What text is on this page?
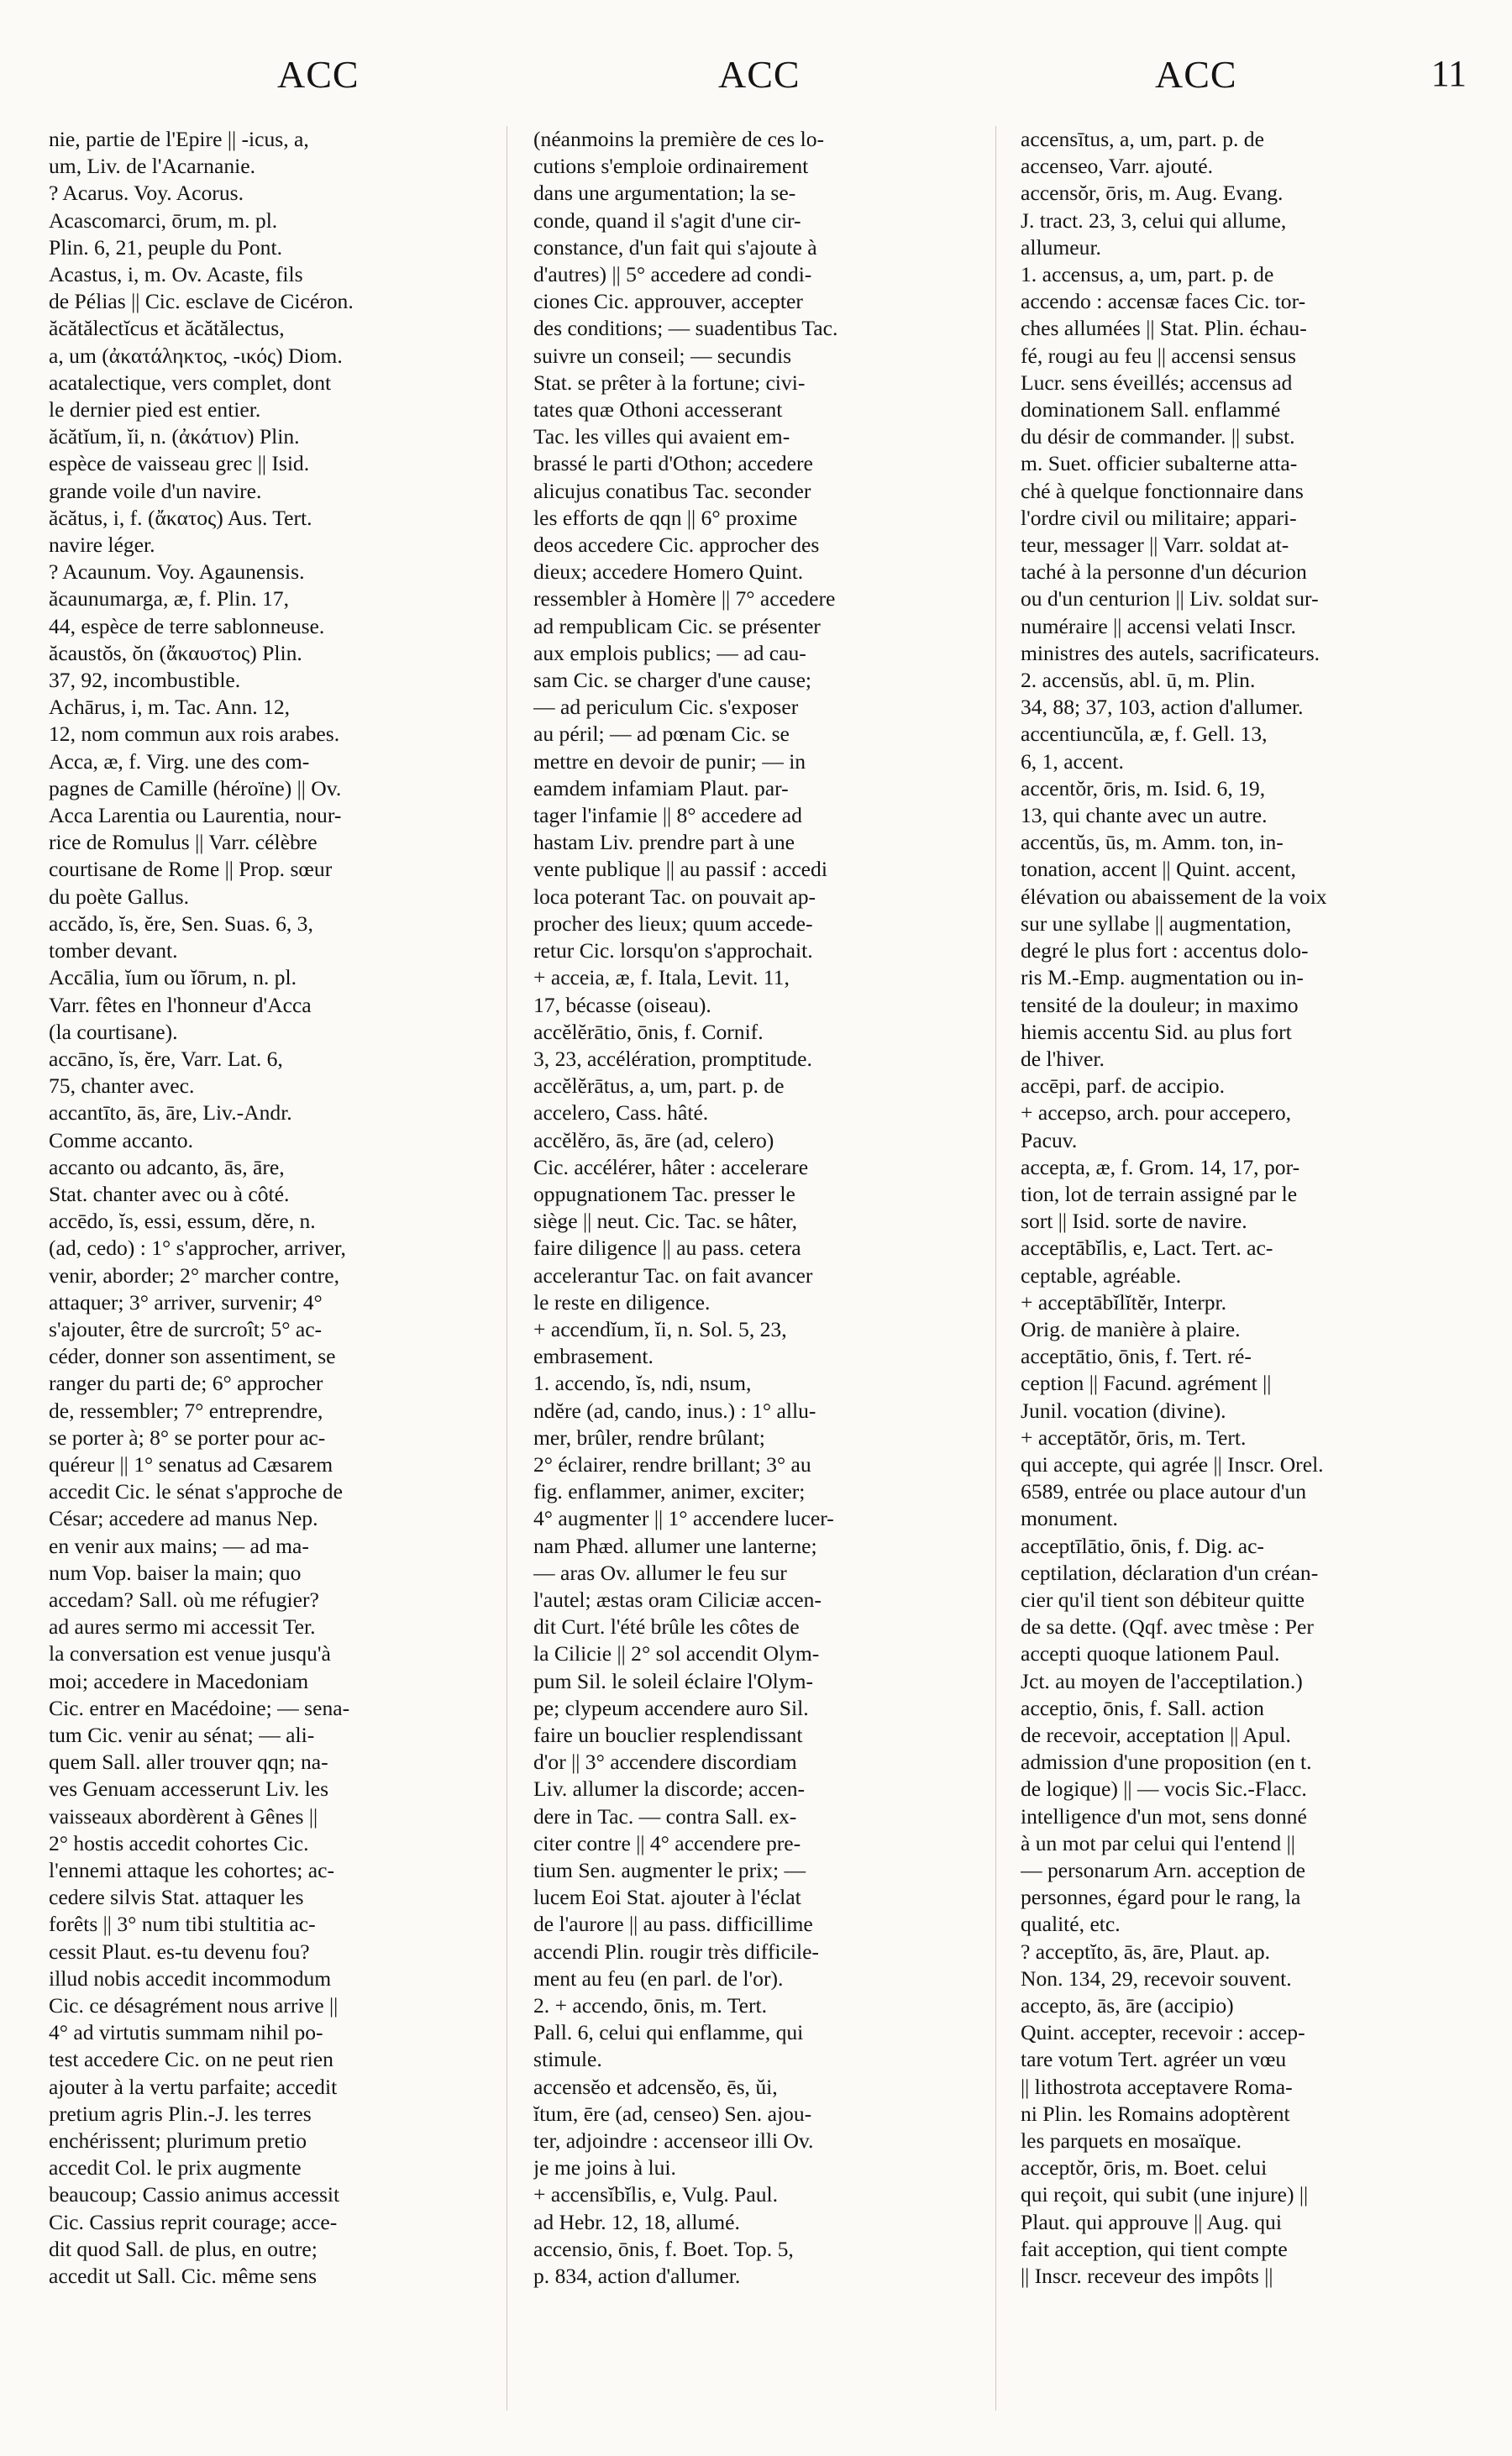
ACC	ACC	ACC	11
nie, partie de l'Epire || -icus, a,
um, Liv. de l'Acarnanie.
? Acarus. Voy. Acorus.
Acascomarci, ōrum, m. pl.
Plin. 6, 21, peuple du Pont.
Acastus, i, m. Ov. Acaste, fils
de Pélias || Cic. esclave de Cicéron.
ăcătălectĭcus et ăcătălectus,
a, um (ἀκατάληκτος, -ικός) Diom.
acatalectique, vers complet, dont
le dernier pied est entier.
ăcătĭum, ĭi, n. (ἀκάτιον) Plin.
espèce de vaisseau grec || Isid.
grande voile d'un navire.
ăcătus, i, f. (ἄκατος) Aus. Tert.
navire léger.
? Acaunum. Voy. Agaunensis.
ăcaunumarga, æ, f. Plin. 17,
44, espèce de terre sablonneuse.
ăcaustŏs, ŏn (ἄκαυστος) Plin.
37, 92, incombustible.
Achārus, i, m. Tac. Ann. 12,
12, nom commun aux rois arabes.
Acca, æ, f. Virg. une des com-
pagnes de Camille (héroïne) || Ov.
Acca Larentia ou Laurentia, nour-
rice de Romulus || Varr. célèbre
courtisane de Rome || Prop. sœur
du poète Gallus.
accădo, ĭs, ĕre, Sen. Suas. 6, 3,
tomber devant.
Accālia, ĭum ou ĭōrum, n. pl.
Varr. fêtes en l'honneur d'Acca
(la courtisane).
accāno, ĭs, ĕre, Varr. Lat. 6,
75, chanter avec.
accantīto, ās, āre, Liv.-Andr.
Comme accanto.
accanto ou adcanto, ās, āre,
Stat. chanter avec ou à côté.
accēdo, ĭs, essi, essum, dĕre, n.
(ad, cedo) : 1° s'approcher, arriver,
venir, aborder; 2° marcher contre,
attaquer; 3° arriver, survenir; 4°
s'ajouter, être de surcroît; 5° ac-
céder, donner son assentiment, se
ranger du parti de; 6° approcher
de, ressembler; 7° entreprendre,
se porter à; 8° se porter pour ac-
quéreur || 1° senatus ad Cæsarem
accedit Cic. le sénat s'approche de
César; accedere ad manus Nep.
en venir aux mains; — ad ma-
num Vop. baiser la main; quo
accedam? Sall. où me réfugier?
ad aures sermo mi accessit Ter.
la conversation est venue jusqu'à
moi; accedere in Macedoniam
Cic. entrer en Macédoine; — sena-
tum Cic. venir au sénat; — ali-
quem Sall. aller trouver qqn; na-
ves Genuam accesserunt Liv. les
vaisseaux abordèrent à Gênes ||
2° hostis accedit cohortes Cic.
l'ennemi attaque les cohortes; ac-
cedere silvis Stat. attaquer les
forêts || 3° num tibi stultitia ac-
cessit Plaut. es-tu devenu fou?
illud nobis accedit incommodum
Cic. ce désagrément nous arrive ||
4° ad virtutis summam nihil po-
test accedere Cic. on ne peut rien
ajouter à la vertu parfaite; accedit
pretium agris Plin.-J. les terres
enchérissent; plurimum pretio
accedit Col. le prix augmente
beaucoup; Cassio animus accessit
Cic. Cassius reprit courage; acce-
dit quod Sall. de plus, en outre;
accedit ut Sall. Cic. même sens
(néanmoins la première de ces lo-
cutions s'emploie ordinairement
dans une argumentation; la se-
conde, quand il s'agit d'une cir-
constance, d'un fait qui s'ajoute à
d'autres) || 5° accedere ad condi-
ciones Cic. approuver, accepter
des conditions; — suadentibus Tac.
suivre un conseil; — secundis
Stat. se prêter à la fortune; civi-
tates quæ Othoni accesserant
Tac. les villes qui avaient em-
brassé le parti d'Othon; accedere
alicujus conatibus Tac. seconder
les efforts de qqn || 6° proxime
deos accedere Cic. approcher des
dieux; accedere Homero Quint.
ressembler à Homère || 7° accedere
ad rempublicam Cic. se présenter
aux emplois publics; — ad cau-
sam Cic. se charger d'une cause;
— ad periculum Cic. s'exposer
au péril; — ad pœnam Cic. se
mettre en devoir de punir; — in
eamdem infamiam Plaut. par-
tager l'infamie || 8° accedere ad
hastam Liv. prendre part à une
vente publique || au passif : accedi
loca poterant Tac. on pouvait ap-
procher des lieux; quum accede-
retur Cic. lorsqu'on s'approchait.
+ acceia, æ, f. Itala, Levit. 11,
17, bécasse (oiseau).
accĕlĕrātio, ōnis, f. Cornif.
3, 23, accélération, promptitude.
accĕlĕrātus, a, um, part. p. de
accelero, Cass. hâté.
accĕlĕro, ās, āre (ad, celero)
Cic. accélérer, hâter : accelerare
oppugnationem Tac. presser le
siège || neut. Cic. Tac. se hâter,
faire diligence || au pass. cetera
accelerantur Tac. on fait avancer
le reste en diligence.
+ accendĭum, ĭi, n. Sol. 5, 23,
embrasement.
1. accendo, ĭs, ndi, nsum,
ndĕre (ad, cando, inus.) : 1° allu-
mer, brûler, rendre brûlant;
2° éclairer, rendre brillant; 3° au
fig. enflammer, animer, exciter;
4° augmenter || 1° accendere lucer-
nam Phæd. allumer une lanterne;
— aras Ov. allumer le feu sur
l'autel; æstas oram Ciliciæ accen-
dit Curt. l'été brûle les côtes de
la Cilicie || 2° sol accendit Olym-
pum Sil. le soleil éclaire l'Olym-
pe; clypeum accendere auro Sil.
faire un bouclier resplendissant
d'or || 3° accendere discordiam
Liv. allumer la discorde; accen-
dere in Tac. — contra Sall. ex-
citer contre || 4° accendere pre-
tium Sen. augmenter le prix; —
lucem Eoi Stat. ajouter à l'éclat
de l'aurore || au pass. difficillime
accendi Plin. rougir très difficile-
ment au feu (en parl. de l'or).
2. + accendo, ōnis, m. Tert.
Pall. 6, celui qui enflamme, qui
stimule.
accensĕo et adcensĕo, ēs, ŭi,
ĭtum, ēre (ad, censeo) Sen. ajou-
ter, adjoindre : accenseor illi Ov.
je me joins à lui.
+ accensĭbĭlis, e, Vulg. Paul.
ad Hebr. 12, 18, allumé.
accensio, ōnis, f. Boet. Top. 5,
p. 834, action d'allumer.
accensītus, a, um, part. p. de
accenseo, Varr. ajouté.
accensŏr, ōris, m. Aug. Evang.
J. tract. 23, 3, celui qui allume,
allumeur.
1. accensus, a, um, part. p. de
accendo : accensæ faces Cic. tor-
ches allumées || Stat. Plin. échau-
fé, rougi au feu || accensi sensus
Lucr. sens éveillés; accensus ad
dominationem Sall. enflammé
du désir de commander. || subst.
m. Suet. officier subalterne atta-
ché à quelque fonctionnaire dans
l'ordre civil ou militaire; appari-
teur, messager || Varr. soldat at-
taché à la personne d'un décurion
ou d'un centurion || Liv. soldat sur-
numéraire || accensi velati Inscr.
ministres des autels, sacrificateurs.
2. accensŭs, abl. ū, m. Plin.
34, 88; 37, 103, action d'allumer.
accentiuncŭla, æ, f. Gell. 13,
6, 1, accent.
accentŏr, ōris, m. Isid. 6, 19,
13, qui chante avec un autre.
accentŭs, ūs, m. Amm. ton, in-
tonation, accent || Quint. accent,
élévation ou abaissement de la voix
sur une syllabe || augmentation,
degré le plus fort : accentus dolo-
ris M.-Emp. augmentation ou in-
tensité de la douleur; in maximo
hiemis accentu Sid. au plus fort
de l'hiver.
accēpi, parf. de accipio.
+ accepso, arch. pour accepero,
Pacuv.
accepta, æ, f. Grom. 14, 17, por-
tion, lot de terrain assigné par le
sort || Isid. sorte de navire.
acceptābĭlis, e, Lact. Tert. ac-
ceptable, agréable.
+ acceptābĭlĭtĕr, Interpr.
Orig. de manière à plaire.
acceptātio, ōnis, f. Tert. ré-
ception || Facund. agrément ||
Junil. vocation (divine).
+ acceptātŏr, ōris, m. Tert.
qui accepte, qui agrée || Inscr. Orel.
6589, entrée ou place autour d'un
monument.
acceptīlātio, ōnis, f. Dig. ac-
ceptilation, déclaration d'un créan-
cier qu'il tient son débiteur quitte
de sa dette. (Qqf. avec tmèse : Per
accepti quoque lationem Paul.
Jct. au moyen de l'acceptilation.)
acceptio, ōnis, f. Sall. action
de recevoir, acceptation || Apul.
admission d'une proposition (en t.
de logique) || — vocis Sic.-Flacc.
intelligence d'un mot, sens donné
à un mot par celui qui l'entend ||
— personarum Arn. acception de
personnes, égard pour le rang, la
qualité, etc.
? acceptĭto, ās, āre, Plaut. ap.
Non. 134, 29, recevoir souvent.
accepto, ās, āre (accipio)
Quint. accepter, recevoir : accep-
tare votum Tert. agréer un vœu
|| lithostrota acceptavere Roma-
ni Plin. les Romains adoptèrent
les parquets en mosaïque.
acceptŏr, ōris, m. Boet. celui
qui reçoit, qui subit (une injure) ||
Plaut. qui approuve || Aug. qui
fait acception, qui tient compte
|| Inscr. receveur des impôts ||
